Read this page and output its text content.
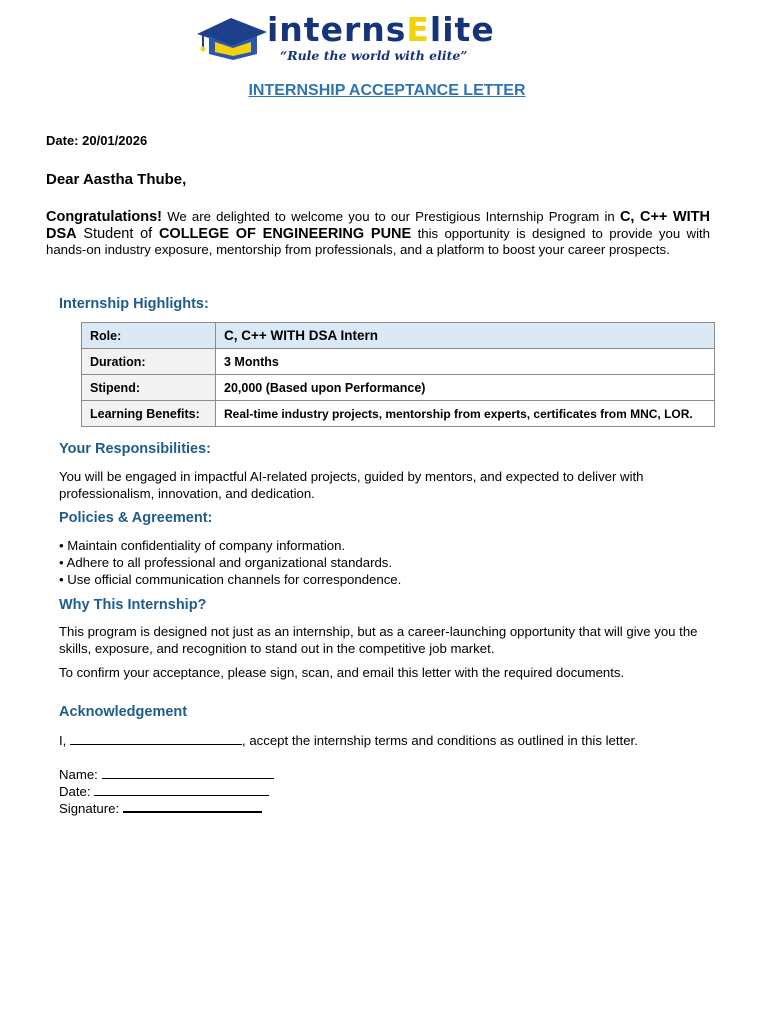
internsElite
“Rule the world with elite”
INTERNSHIP ACCEPTANCE LETTER
Date: 20/01/2026
Dear Aastha Thube,
Congratulations! We are delighted to welcome you to our Prestigious Internship Program in C, C++ WITH DSA Student of COLLEGE OF ENGINEERING PUNE this opportunity is designed to provide you with hands-on industry exposure, mentorship from professionals, and a platform to boost your career prospects.
Internship Highlights:
Role:	C, C++ WITH DSA Intern
Duration:	3 Months
Stipend:	20,000 (Based upon Performance)
Learning Benefits:	Real-time industry projects, mentorship from experts, certificates from MNC, LOR.
Your Responsibilities:
You will be engaged in impactful AI-related projects, guided by mentors, and expected to deliver with professionalism, innovation, and dedication.
Policies & Agreement:
• Maintain confidentiality of company information.
• Adhere to all professional and organizational standards.
• Use official communication channels for correspondence.
Why This Internship?
This program is designed not just as an internship, but as a career-launching opportunity that will give you the skills, exposure, and recognition to stand out in the competitive job market.
To confirm your acceptance, please sign, scan, and email this letter with the required documents.
Acknowledgement
I,	, accept the internship terms and conditions as outlined in this letter.
Name:
Date:
Signature:
